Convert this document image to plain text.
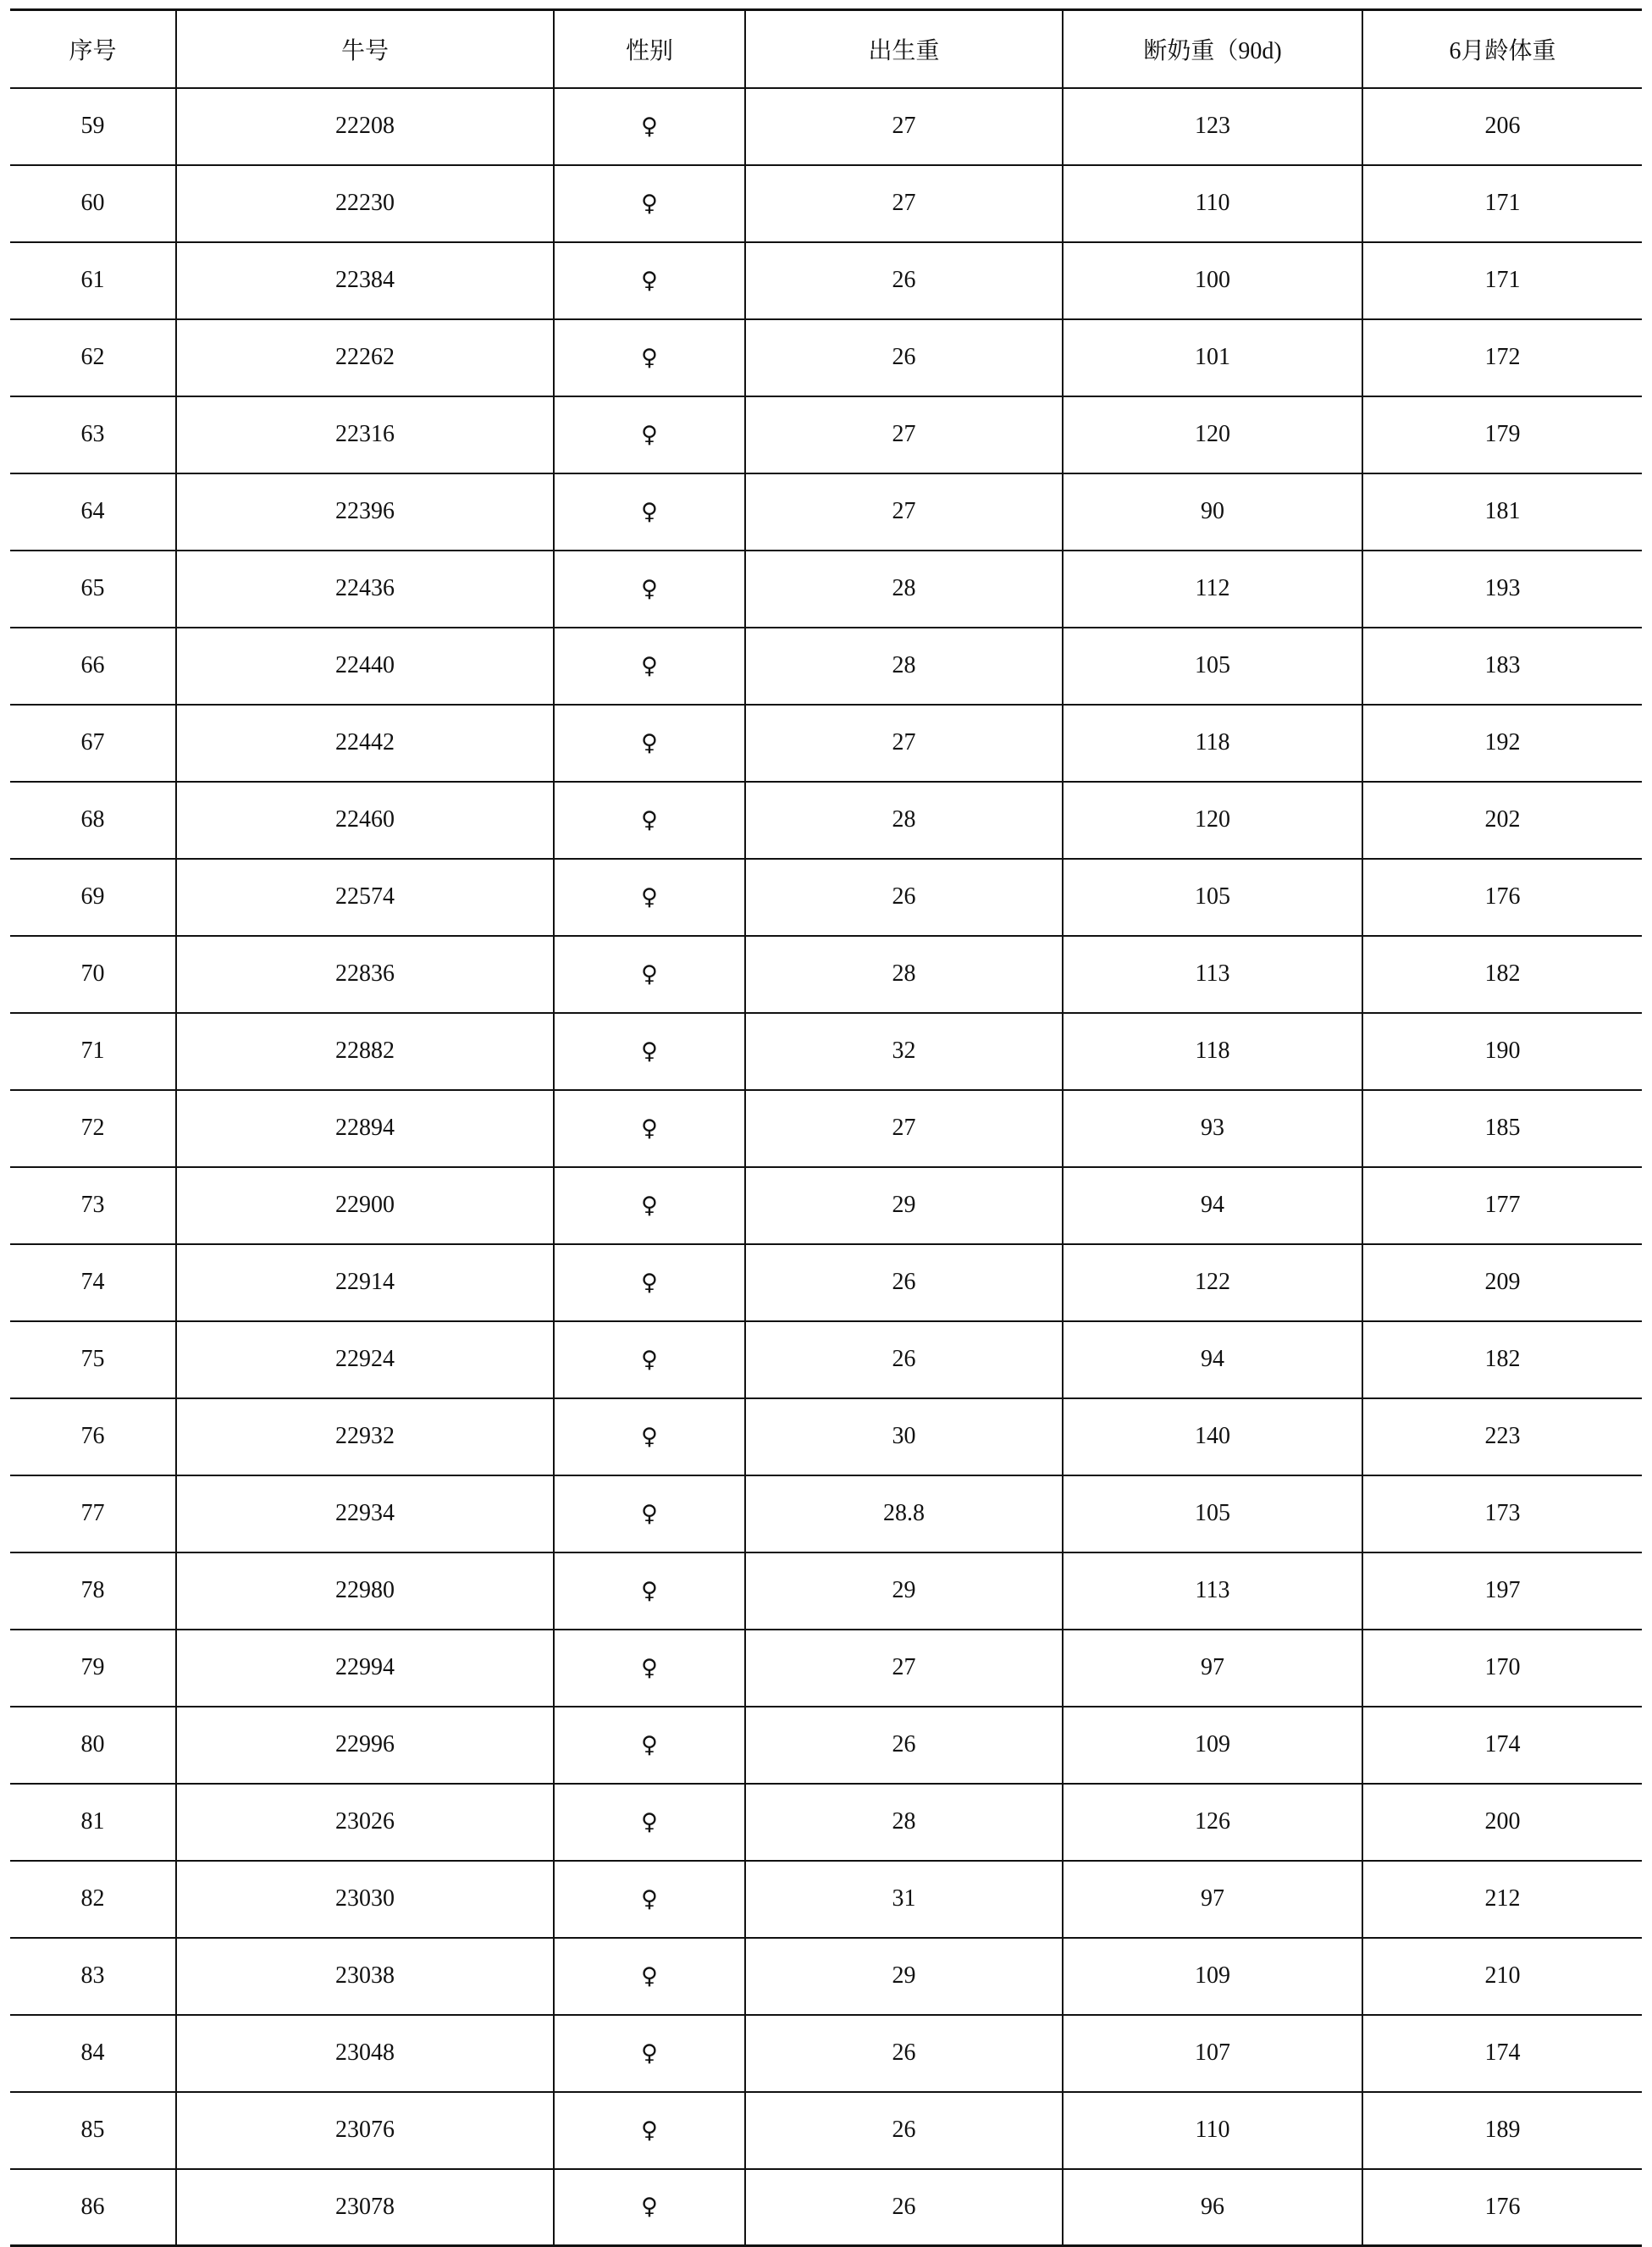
序号	牛号	性别	出生重	断奶重（90d)	6月龄体重
59	22208	♀	27	123	206
60	22230	♀	27	110	171
61	22384	♀	26	100	171
62	22262	♀	26	101	172
63	22316	♀	27	120	179
64	22396	♀	27	90	181
65	22436	♀	28	112	193
66	22440	♀	28	105	183
67	22442	♀	27	118	192
68	22460	♀	28	120	202
69	22574	♀	26	105	176
70	22836	♀	28	113	182
71	22882	♀	32	118	190
72	22894	♀	27	93	185
73	22900	♀	29	94	177
74	22914	♀	26	122	209
75	22924	♀	26	94	182
76	22932	♀	30	140	223
77	22934	♀	28.8	105	173
78	22980	♀	29	113	197
79	22994	♀	27	97	170
80	22996	♀	26	109	174
81	23026	♀	28	126	200
82	23030	♀	31	97	212
83	23038	♀	29	109	210
84	23048	♀	26	107	174
85	23076	♀	26	110	189
86	23078	♀	26	96	176
